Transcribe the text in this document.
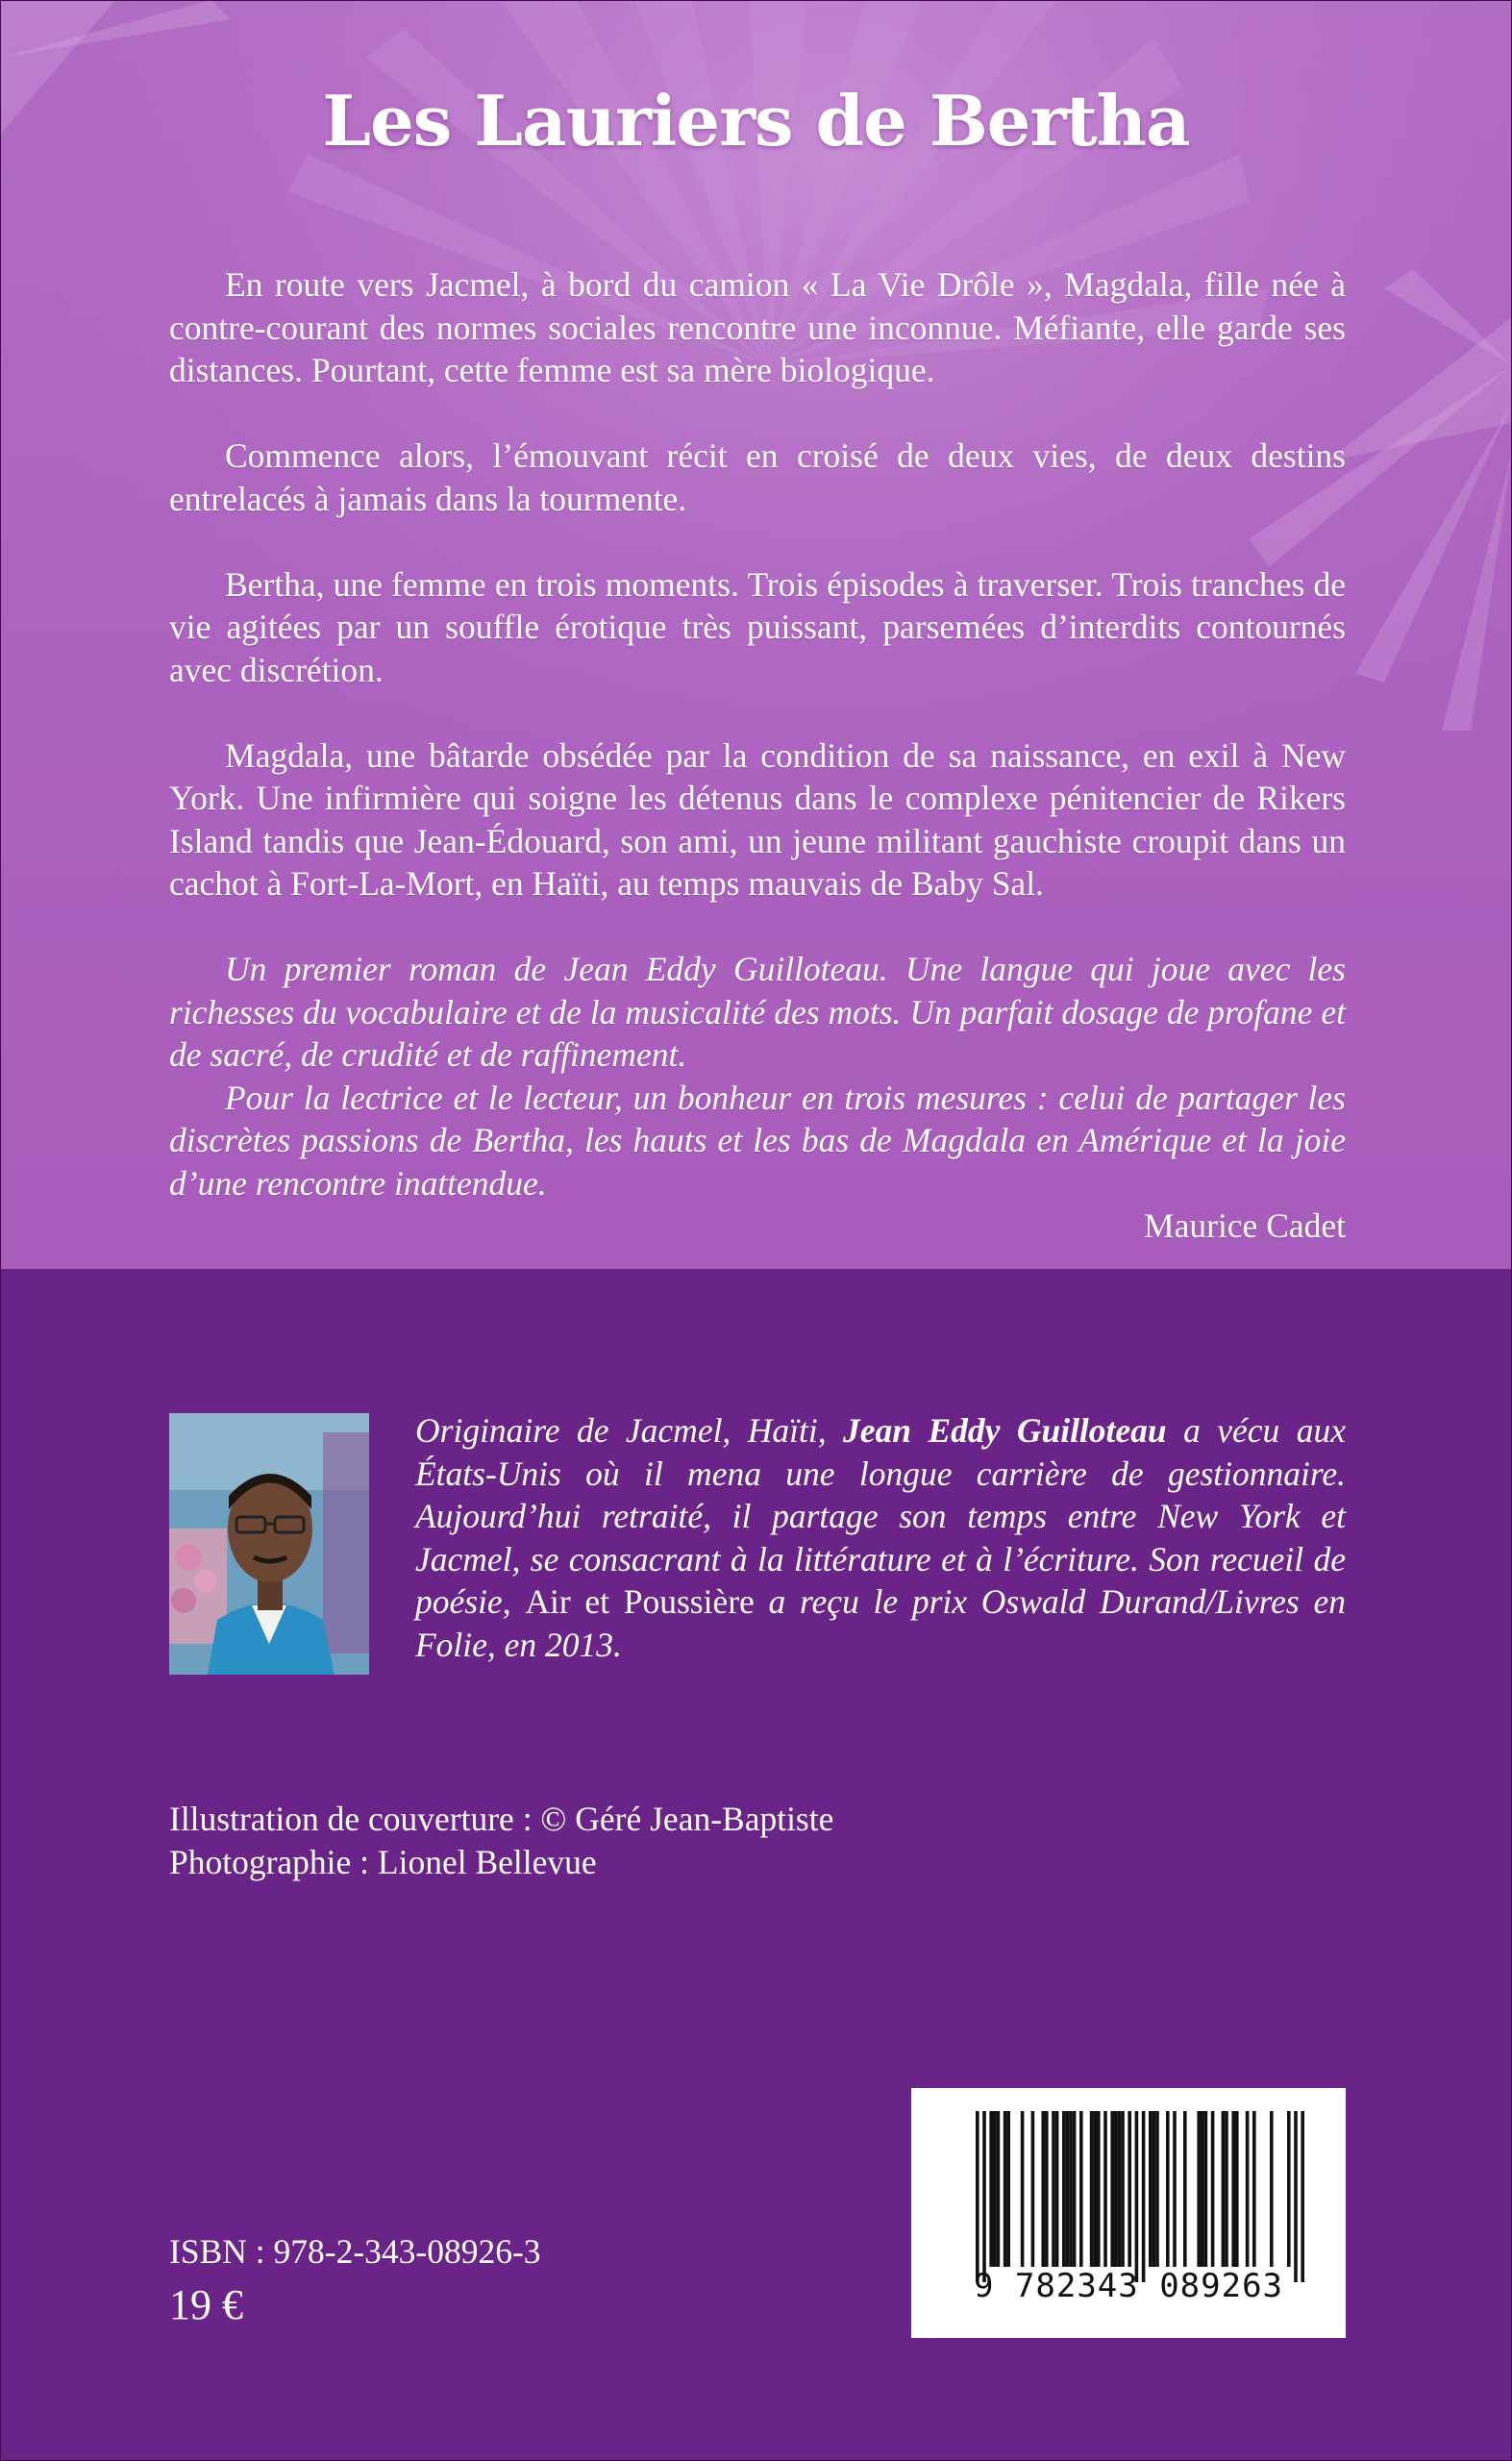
Les Lauriers de Bertha

En route vers Jacmel, à bord du camion « La Vie Drôle », Magdala, fille née à contre-courant des normes sociales rencontre une inconnue. Méfiante, elle garde ses distances. Pourtant, cette femme est sa mère biologique.

Commence alors, l’émouvant récit en croisé de deux vies, de deux destins entrelacés à jamais dans la tourmente.

Bertha, une femme en trois moments. Trois épisodes à traverser. Trois tranches de vie agitées par un souffle érotique très puissant, parsemées d’interdits contournés avec discrétion.

Magdala, une bâtarde obsédée par la condition de sa naissance, en exil à New York. Une infirmière qui soigne les détenus dans le complexe pénitencier de Rikers Island tandis que Jean-Édouard, son ami, un jeune militant gauchiste croupit dans un cachot à Fort-La-Mort, en Haïti, au temps mauvais de Baby Sal.

Un premier roman de Jean Eddy Guilloteau. Une langue qui joue avec les richesses du vocabulaire et de la musicalité des mots. Un parfait dosage de profane et de sacré, de crudité et de raffinement.

Pour la lectrice et le lecteur, un bonheur en trois mesures : celui de partager les discrètes passions de Bertha, les hauts et les bas de Magdala en Amérique et la joie d’une rencontre inattendue.

Maurice Cadet

Originaire de Jacmel, Haïti, Jean Eddy Guilloteau a vécu aux États-Unis où il mena une longue carrière de gestionnaire. Aujourd’hui retraité, il partage son temps entre New York et Jacmel, se consacrant à la littérature et à l’écriture. Son recueil de poésie, Air et Poussière a reçu le prix Oswald Durand/Livres en Folie, en 2013.
Illustration de couverture : © Géré Jean-Baptiste
Photographie : Lionel Bellevue
9 782343 089263
ISBN : 978-2-343-08926-3
19 €
